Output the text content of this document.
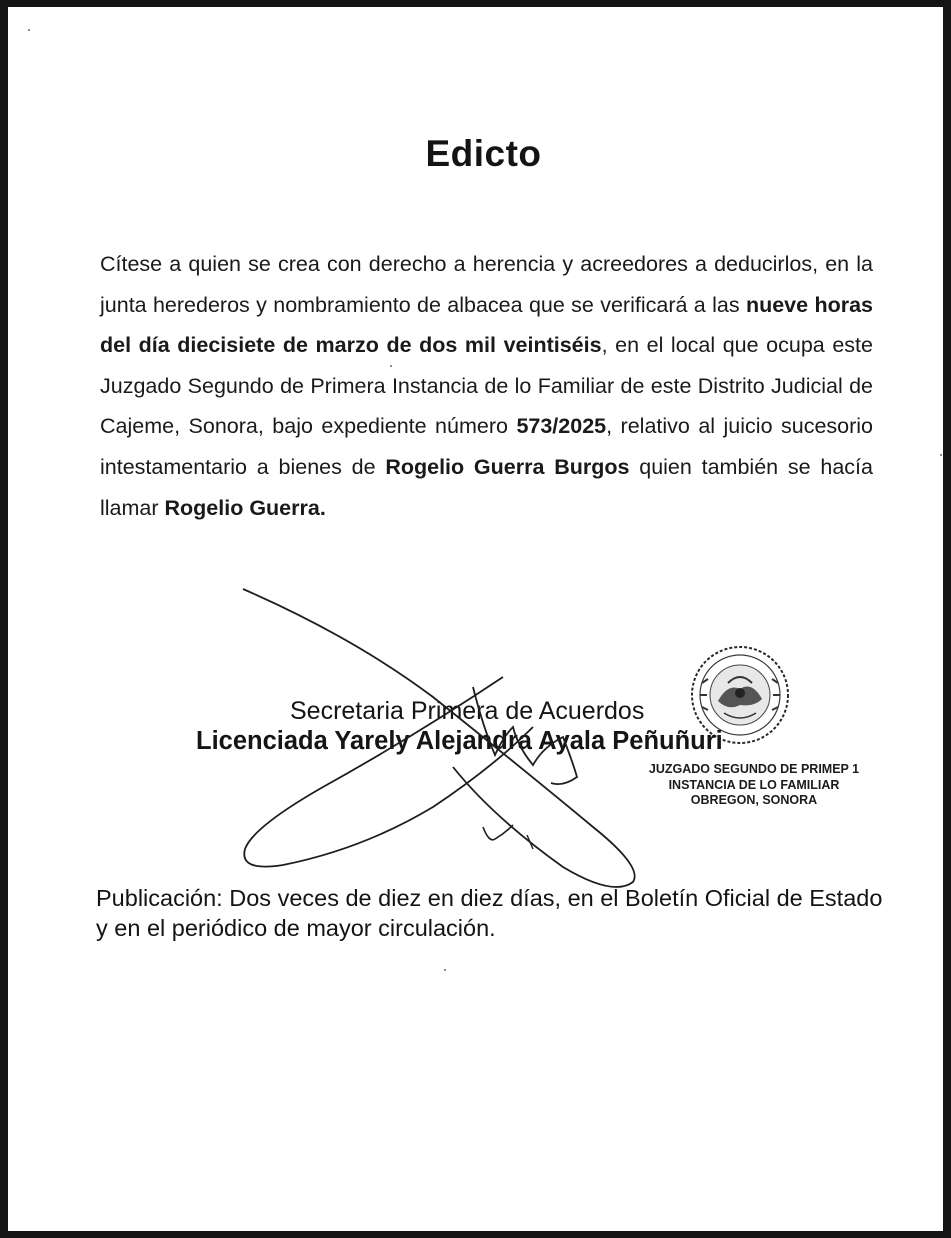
Edicto
Cítese a quien se crea con derecho a herencia y acreedores a deducirlos, en la junta herederos y nombramiento de albacea que se verificará a las nueve horas del día diecisiete de marzo de dos mil veintiséis, en el local que ocupa este Juzgado Segundo de Primera Instancia de lo Familiar de este Distrito Judicial de Cajeme, Sonora, bajo expediente número 573/2025, relativo al juicio sucesorio intestamentario a bienes de Rogelio Guerra Burgos quien también se hacía llamar Rogelio Guerra.
Secretaria Primera de Acuerdos
Licenciada Yarely Alejandra Ayala Peñuñuri
JUZGADO SEGUNDO DE PRIMEP 1
INSTANCIA DE LO FAMILIAR
OBREGON, SONORA
Publicación: Dos veces de diez en diez días, en el Boletín Oficial de Estado y en el periódico de mayor circulación.
